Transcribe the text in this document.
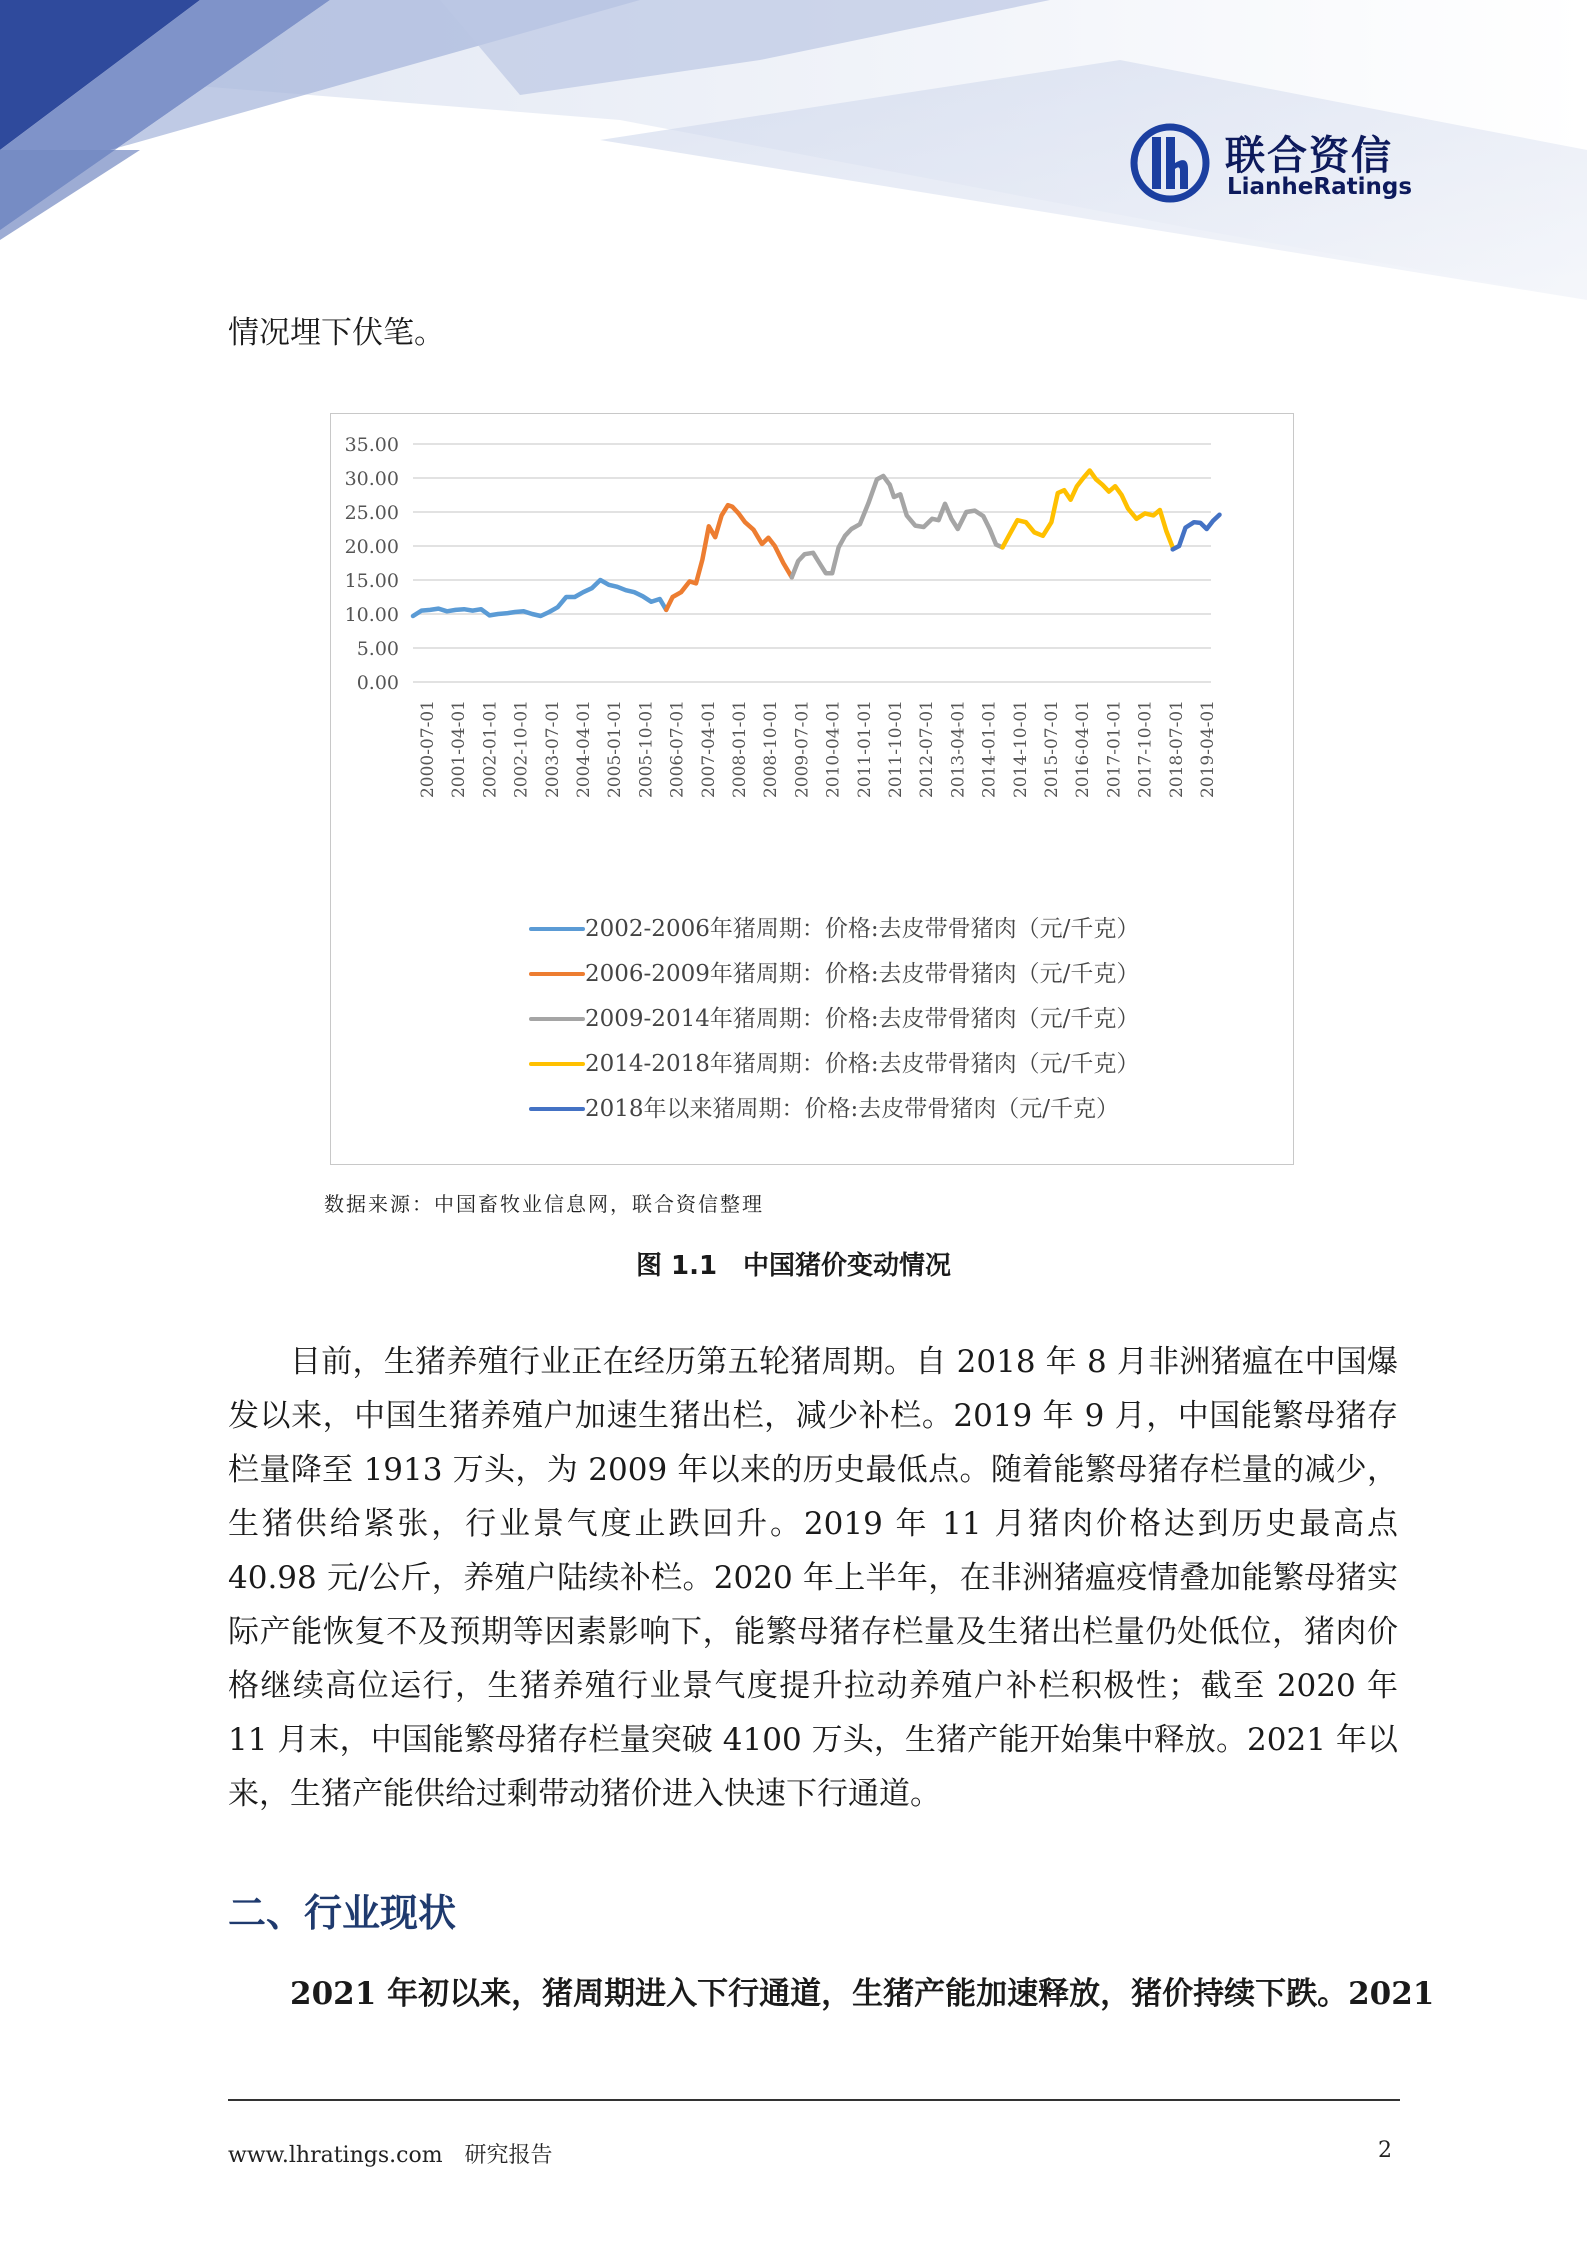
联合资信
LianheRatings

情况埋下伏笔。

0.00
5.00
10.00
15.00
20.00
25.00
30.00
35.00
2000-07-01 2001-04-01 2002-01-01 2002-10-01 2003-07-01 2004-04-01 2005-01-01 2005-10-01 2006-07-01 2007-04-01 2008-01-01 2008-10-01 2009-07-01 2010-04-01 2011-01-01 2011-10-01 2012-07-01 2013-04-01 2014-01-01 2014-10-01 2015-07-01 2016-04-01 2017-01-01 2017-10-01 2018-07-01 2019-04-01
2002-2006年猪周期：价格:去皮带骨猪肉（元/千克）
2006-2009年猪周期：价格:去皮带骨猪肉（元/千克）
2009-2014年猪周期：价格:去皮带骨猪肉（元/千克）
2014-2018年猪周期：价格:去皮带骨猪肉（元/千克）
2018年以来猪周期：价格:去皮带骨猪肉（元/千克）
数据来源：中国畜牧业信息网，联合资信整理
图 1.1　中国猪价变动情况

目前，生猪养殖行业正在经历第五轮猪周期。自 2018 年 8 月非洲猪瘟在中国爆发以来，中国生猪养殖户加速生猪出栏，减少补栏。2019 年 9 月，中国能繁母猪存栏量降至 1913 万头，为 2009 年以来的历史最低点。随着能繁母猪存栏量的减少，生猪供给紧张，行业景气度止跌回升。2019 年 11 月猪肉价格达到历史最高点 40.98 元/公斤，养殖户陆续补栏。2020 年上半年，在非洲猪瘟疫情叠加能繁母猪实际产能恢复不及预期等因素影响下，能繁母猪存栏量及生猪出栏量仍处低位，猪肉价格继续高位运行，生猪养殖行业景气度提升拉动养殖户补栏积极性；截至 2020 年 11 月末，中国能繁母猪存栏量突破 4100 万头，生猪产能开始集中释放。2021 年以来，生猪产能供给过剩带动猪价进入快速下行通道。

二、行业现状

2021 年初以来，猪周期进入下行通道，生猪产能加速释放，猪价持续下跌。2021

www.lhratings.com　研究报告	2
